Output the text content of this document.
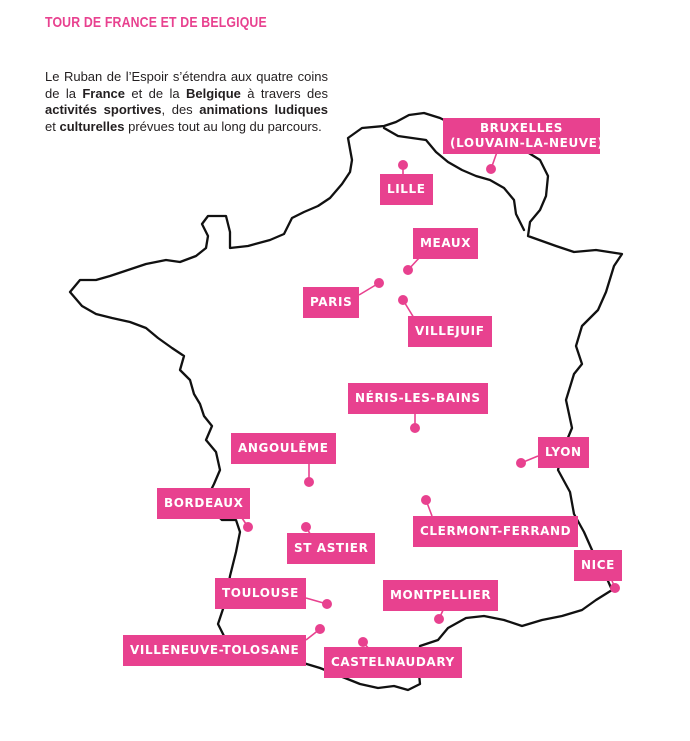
TOUR DE FRANCE ET DE BELGIQUE

Le Ruban de l’Espoir s’étendra aux quatre coins de la France et de la Belgique à travers des activités sportives, des animations ludiques et culturelles prévues tout au long du parcours.	BRUXELLES
(LOUVAIN-LA-NEUVE)
LILLE
MEAUX
PARIS
VILLEJUIF
NÉRIS-LES-BAINS
ANGOULÊME	LYON
BORDEAUX
CLERMONT-FERRAND
ST ASTIER
NICE
TOULOUSE	MONTPELLIER
VILLENEUVE-TOLOSANE
CASTELNAUDARY
